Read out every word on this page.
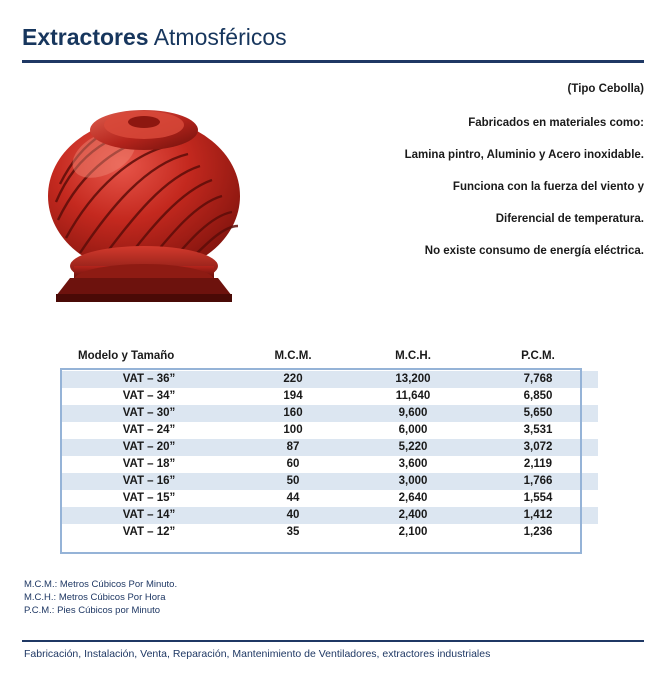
Extractores Atmosféricos
(Tipo Cebolla)
Fabricados en materiales como:
Lamina pintro, Aluminio y Acero inoxidable.
Funciona con la fuerza del viento y
Diferencial de temperatura.
No existe consumo de energía eléctrica.
Modelo y Tamaño	M.C.M.	M.C.H.	P.C.M.
VAT – 36”	220	13,200	7,768
VAT – 34”	194	11,640	6,850
VAT – 30”	160	9,600	5,650
VAT – 24”	100	6,000	3,531
VAT – 20”	87	5,220	3,072
VAT – 18”	60	3,600	2,119
VAT – 16”	50	3,000	1,766
VAT – 15”	44	2,640	1,554
VAT – 14”	40	2,400	1,412
VAT – 12”	35	2,100	1,236
M.C.M.: Metros Cúbicos Por Minuto.
M.C.H.: Metros Cúbicos Por Hora
P.C.M.: Pies Cúbicos por Minuto
Fabricación, Instalación, Venta, Reparación, Mantenimiento de Ventiladores, extractores industriales
